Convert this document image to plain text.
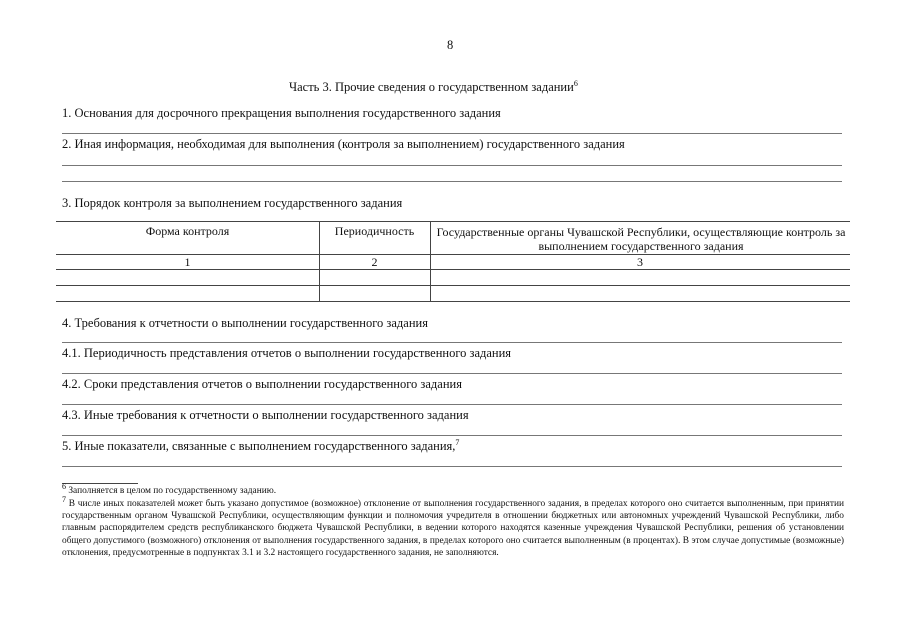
8
Часть 3. Прочие сведения о государственном задании$^6$
1. Основания для досрочного прекращения выполнения государственного задания
2. Иная информация, необходимая для выполнения (контроля за выполнением) государственного задания
3. Порядок контроля за выполнением государственного задания
Форма контроля	Периодичность	Государственные органы Чувашской Республики, осуществляющие контроль за выполнением государственного задания
1	2	3
4. Требования к отчетности о выполнении государственного задания
4.1. Периодичность представления отчетов о выполнении государственного задания
4.2. Сроки представления отчетов о выполнении государственного задания
4.3. Иные требования к отчетности о выполнении государственного задания
5. Иные показатели, связанные с выполнением государственного задания,$^7$
$^6$ Заполняется в целом по государственному заданию.
$^7$ В числе иных показателей может быть указано допустимое (возможное) отклонение от выполнения государственного задания, в пределах которого оно считается выполненным, при принятии государственным органом Чувашской Республики, осуществляющим функции и полномочия учредителя в отношении бюджетных или автономных учреждений Чувашской Республики, либо главным распорядителем средств республиканского бюджета Чувашской Республики, в ведении которого находятся казенные учреждения Чувашской Республики, решения об установлении общего допустимого (возможного) отклонения от выполнения государственного задания, в пределах которого оно считается выполненным (в процентах). В этом случае допустимые (возможные) отклонения, предусмотренные в подпунктах 3.1 и 3.2 настоящего государственного задания, не заполняются.
